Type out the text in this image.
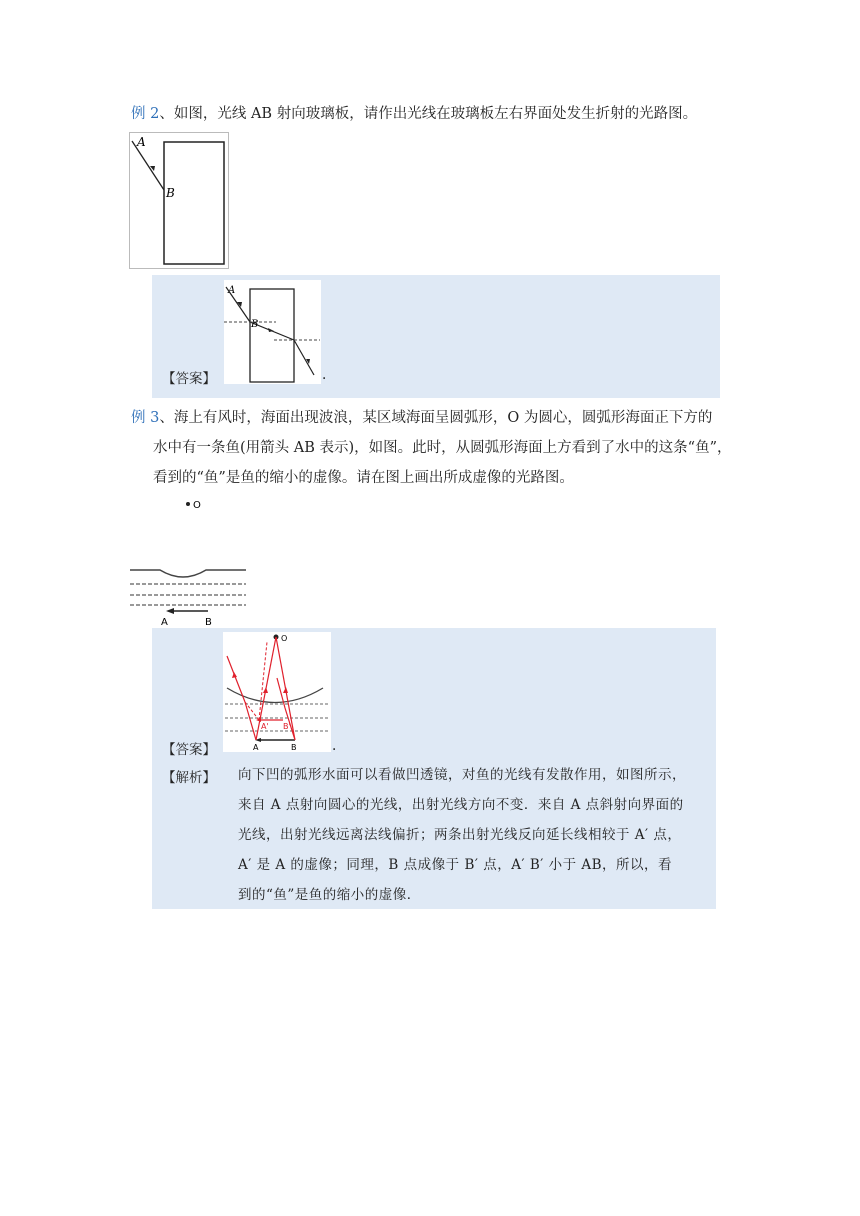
例 2、如图，光线 AB 射向玻璃板，请作出光线在玻璃板左右界面处发生折射的光路图。
A
B
【答案】
A
B
.
例 3、海上有风时，海面出现波浪，某区域海面呈圆弧形，O 为圆心，圆弧形海面正下方的
水中有一条鱼(用箭头 AB 表示)，如图。此时，从圆弧形海面上方看到了水中的这条“鱼”，
看到的“鱼”是鱼的缩小的虚像。请在图上画出所成虚像的光路图。
O
A	B
【答案】
O
A' B'
A	B	.
【解析】 向下凹的弧形水面可以看做凹透镜，对鱼的光线有发散作用，如图所示，
来自 A 点射向圆心的光线，出射光线方向不变．来自 A 点斜射向界面的
光线，出射光线远离法线偏折；两条出射光线反向延长线相较于 A′ 点，
A′ 是 A 的虚像；同理，B 点成像于 B′ 点，A′ B′ 小于 AB，所以，看
到的“鱼”是鱼的缩小的虚像．
